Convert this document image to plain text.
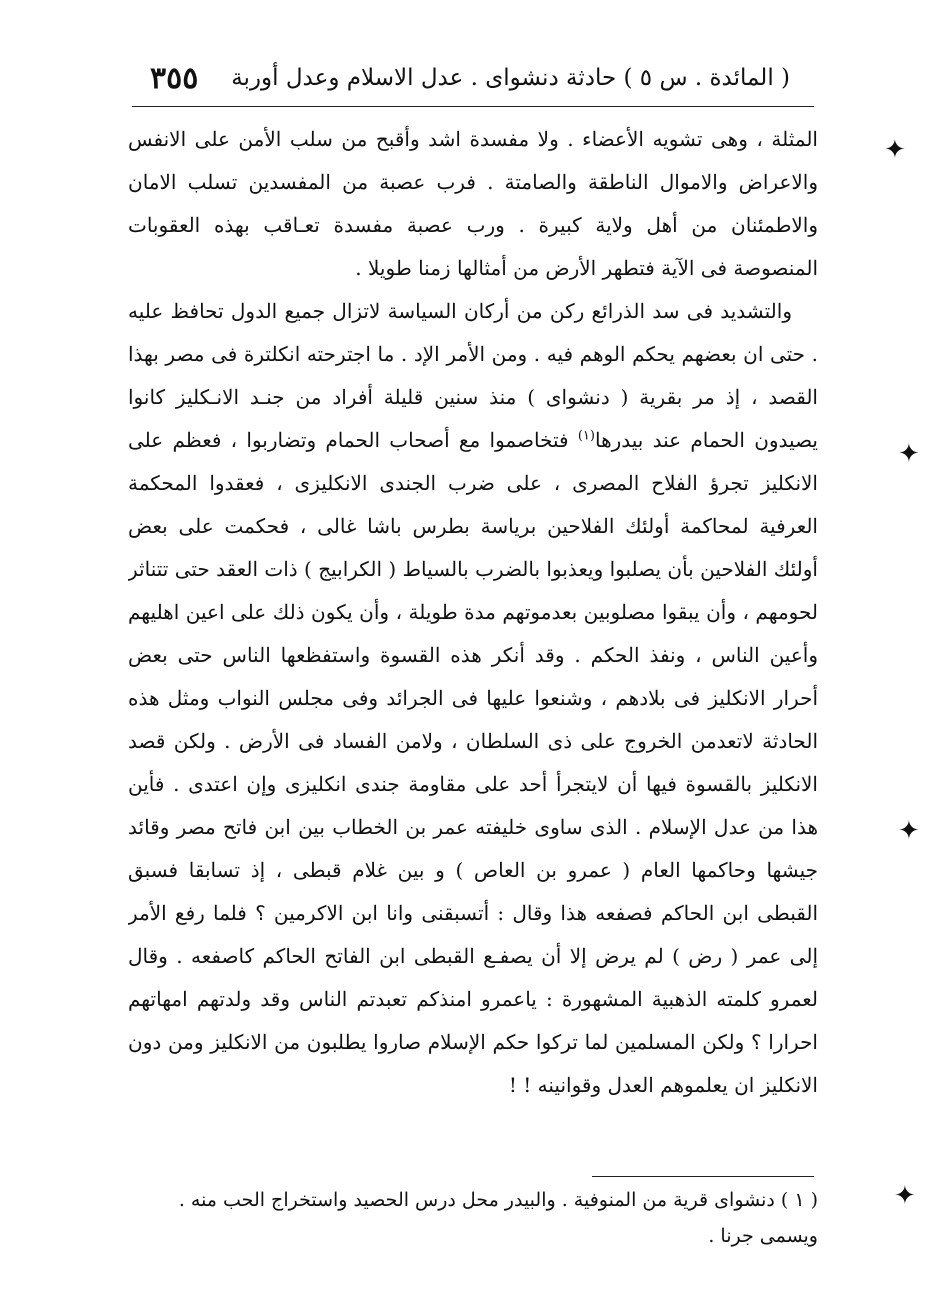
( المائدة . س ٥ ) حادثة دنشواى . عدل الاسلام وعدل أوربة
٣٥٥

المثلة ، وهى تشويه الأعضاء . ولا مفسدة اشد وأقبح من سلب الأمن على الانفس والاعراض والاموال الناطقة والصامتة . فرب عصبة من المفسدين تسلب الامان والاطمئنان من أهل ولاية كبيرة . ورب عصبة مفسدة تعـاقب بهذه العقوبات المنصوصة فى الآية فتطهر الأرض من أمثالها زمنا طويلا .

والتشديد فى سد الذرائع ركن من أركان السياسة لاتزال جميع الدول تحافظ عليه . حتى ان بعضهم يحكم الوهم فيه . ومن الأمر الإد . ما اجترحته انكلترة فى مصر بهذا القصد ، إذ مر بقرية ( دنشواى ) منذ سنين قليلة أفراد من جنـد الانـكليز كانوا يصيدون الحمام عند بيدرها$^{(١)}$ فتخاصموا مع أصحاب الحمام وتضاربوا ، فعظم على الانكليز تجرؤ الفلاح المصرى ، على ضرب الجندى الانكليزى ، فعقدوا المحكمة العرفية لمحاكمة أولئك الفلاحين برياسة بطرس باشا غالى ، فحكمت على بعض أولئك الفلاحين بأن يصلبوا ويعذبوا بالضرب بالسياط ( الكرابيج ) ذات العقد حتى تتناثر لحومهم ، وأن يبقوا مصلوبين بعدموتهم مدة طويلة ، وأن يكون ذلك على اعين اهليهم وأعين الناس ، ونفذ الحكم . وقد أنكر هذه القسوة واستفظعها الناس حتى بعض أحرار الانكليز فى بلادهم ، وشنعوا عليها فى الجرائد وفى مجلس النواب ومثل هذه الحادثة لاتعدمن الخروج على ذى السلطان ، ولامن الفساد فى الأرض . ولكن قصد الانكليز بالقسوة فيها أن لايتجرأ أحد على مقاومة جندى انكليزى وإن اعتدى . فأين هذا من عدل الإسلام . الذى ساوى خليفته عمر بن الخطاب بين ابن فاتح مصر وقائد جيشها وحاكمها العام ( عمرو بن العاص ) و بين غلام قبطى ، إذ تسابقا فسبق القبطى ابن الحاكم فصفعه هذا وقال : أتسبقنى وانا ابن الاكرمين ؟ فلما رفع الأمر إلى عمر ( رض ) لم يرض إلا أن يصفـع القبطى ابن الفاتح الحاكم كاصفعه . وقال لعمرو كلمته الذهبية المشهورة : ياعمرو امنذكم تعبدتم الناس وقد ولدتهم امهاتهم احرارا ؟ ولكن المسلمين لما تركوا حكم الإسلام صاروا يطلبون من الانكليز ومن دون الانكليز ان يعلموهم العدل وقوانينه ! !

( ١ ) دنشواى قرية من المنوفية . والبيدر محل درس الحصيد واستخراج الحب منه . ويسمى جرنا .
✦
✦
✦
✦
